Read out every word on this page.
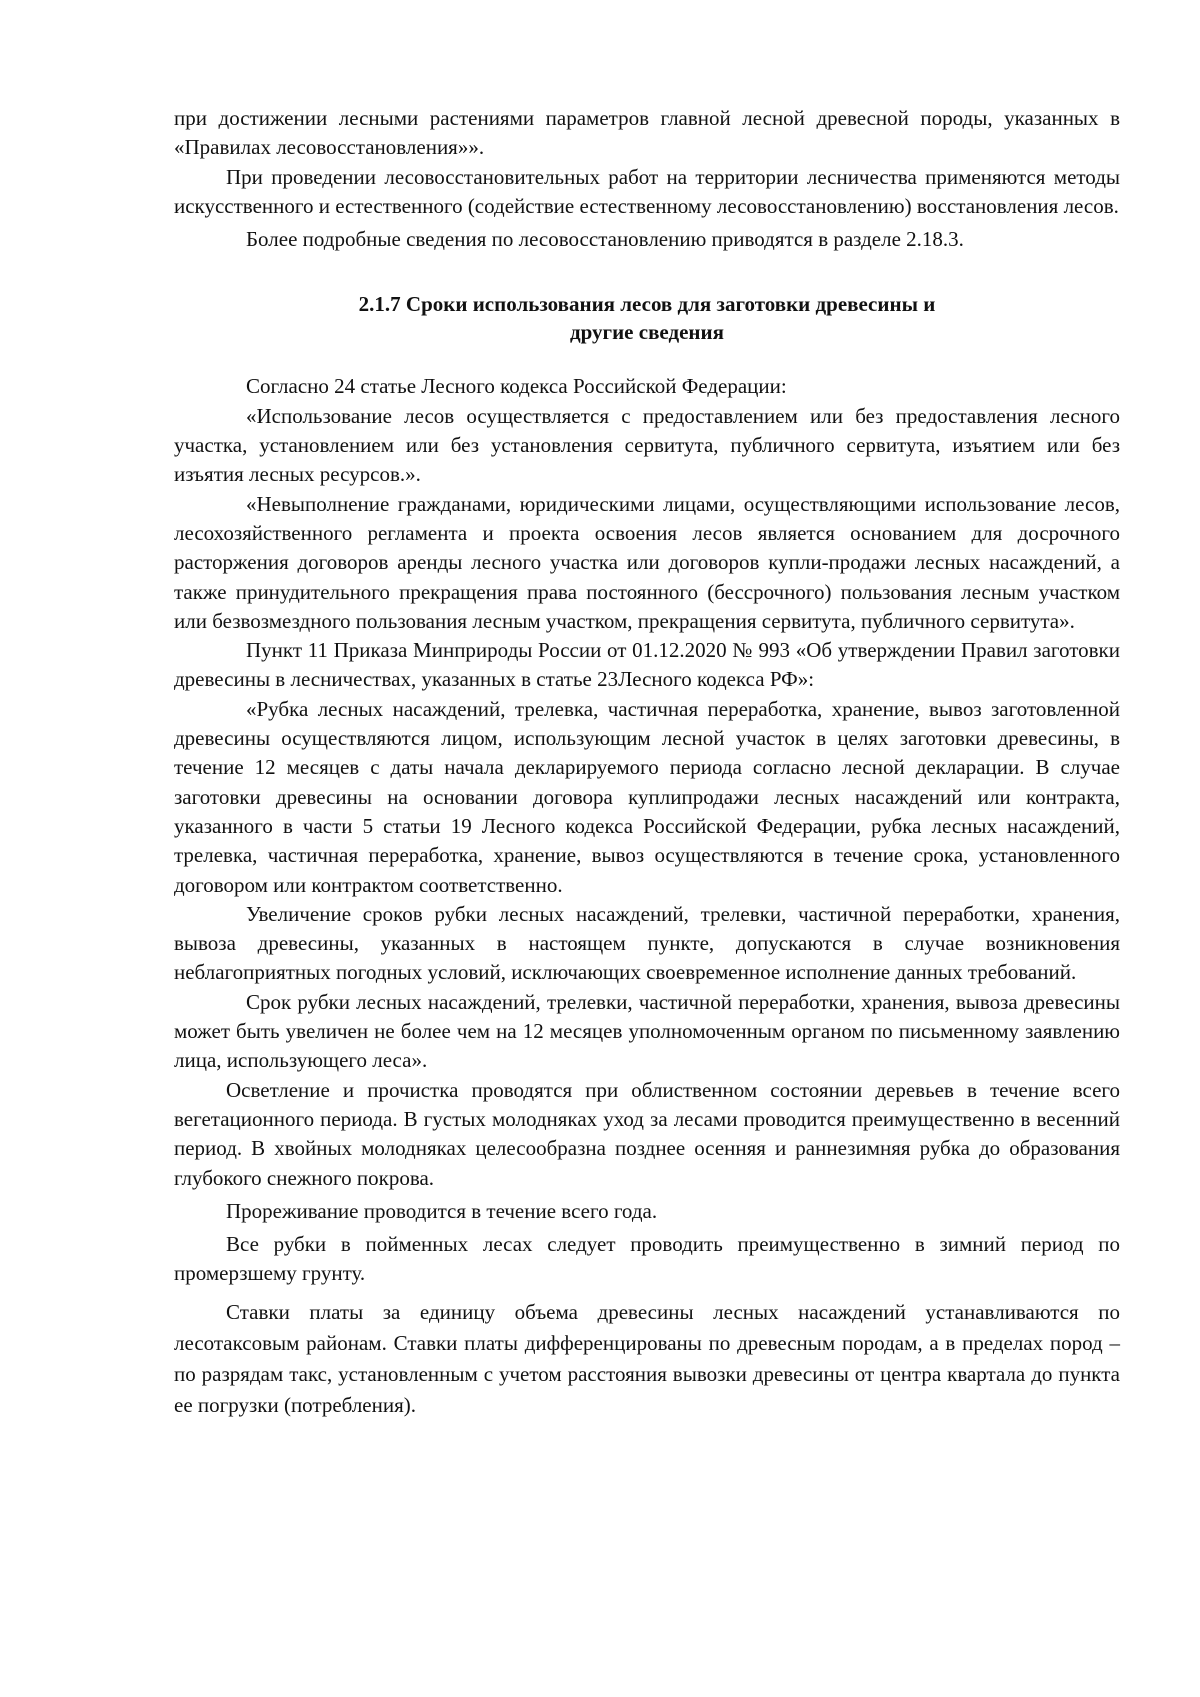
при достижении лесными растениями параметров главной лесной древесной породы, указанных в «Правилах лесовосстановления»».

При проведении лесовосстановительных работ на территории лесничества применяются методы искусственного и естественного (содействие естественному лесовосстановлению) восстановления лесов.

Более подробные сведения по лесовосстановлению приводятся в разделе 2.18.3.

2.1.7 Сроки использования лесов для заготовки древесины и
другие сведения

Согласно 24 статье Лесного кодекса Российской Федерации:

«Использование лесов осуществляется с предоставлением или без предоставления лесного участка, установлением или без установления сервитута, публичного сервитута, изъятием или без изъятия лесных ресурсов.».

«Невыполнение гражданами, юридическими лицами, осуществляющими использование лесов, лесохозяйственного регламента и проекта освоения лесов является основанием для досрочного расторжения договоров аренды лесного участка или договоров купли-продажи лесных насаждений, а также принудительного прекращения права постоянного (бессрочного) пользования лесным участком или безвозмездного пользования лесным участком, прекращения сервитута, публичного сервитута».

Пункт 11 Приказа Минприроды России от 01.12.2020 № 993 «Об утверждении Правил заготовки древесины в лесничествах, указанных в статье 23Лесного кодекса РФ»:

«Рубка лесных насаждений, трелевка, частичная переработка, хранение, вывоз заготовленной древесины осуществляются лицом, использующим лесной участок в целях заготовки древесины, в течение 12 месяцев с даты начала декларируемого периода согласно лесной декларации. В случае заготовки древесины на основании договора куплипродажи лесных насаждений или контракта, указанного в части 5 статьи 19 Лесного кодекса Российской Федерации, рубка лесных насаждений, трелевка, частичная переработка, хранение, вывоз осуществляются в течение срока, установленного договором или контрактом соответственно.

Увеличение сроков рубки лесных насаждений, трелевки, частичной переработки, хранения, вывоза древесины, указанных в настоящем пункте, допускаются в случае возникновения неблагоприятных погодных условий, исключающих своевременное исполнение данных требований.

Срок рубки лесных насаждений, трелевки, частичной переработки, хранения, вывоза древесины может быть увеличен не более чем на 12 месяцев уполномоченным органом по письменному заявлению лица, использующего леса».

Осветление и прочистка проводятся при облиственном состоянии деревьев в течение всего вегетационного периода. В густых молодняках уход за лесами проводится преимущественно в весенний период. В хвойных молодняках целесообразна позднее осенняя и раннезимняя рубка до образования глубокого снежного покрова.

Прореживание проводится в течение всего года.

Все рубки в пойменных лесах следует проводить преимущественно в зимний период по промерзшему грунту.

Ставки платы за единицу объема древесины лесных насаждений устанавливаются по лесотаксовым районам. Ставки платы дифференцированы по древесным породам, а в пределах пород – по разрядам такс, установленным с учетом расстояния вывозки древесины от центра квартала до пункта ее погрузки (потребления).
